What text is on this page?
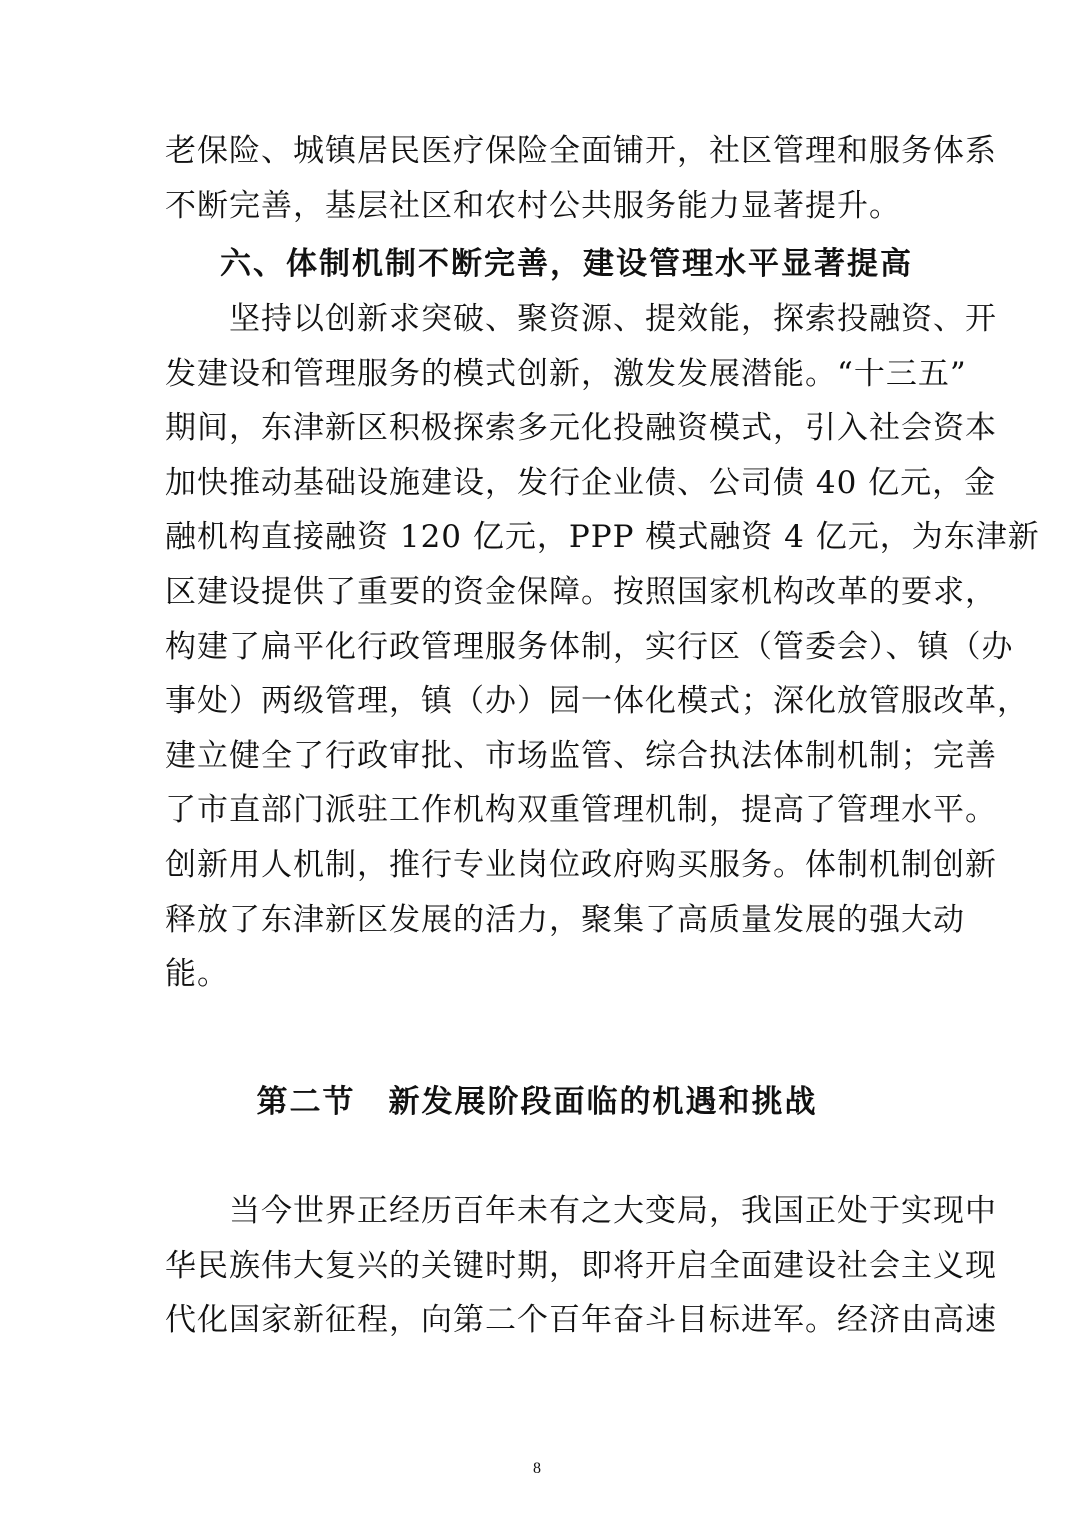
老保险、城镇居民医疗保险全面铺开，社区管理和服务体系
不断完善，基层社区和农村公共服务能力显著提升。
六、体制机制不断完善，建设管理水平显著提高
　　坚持以创新求突破、聚资源、提效能，探索投融资、开
发建设和管理服务的模式创新，激发发展潜能。“十三五”
期间，东津新区积极探索多元化投融资模式，引入社会资本
加快推动基础设施建设，发行企业债、公司债 40 亿元，金
融机构直接融资 120 亿元，PPP 模式融资 4 亿元，为东津新
区建设提供了重要的资金保障。按照国家机构改革的要求，
构建了扁平化行政管理服务体制，实行区（管委会）、镇（办
事处）两级管理，镇（办）园一体化模式；深化放管服改革，
建立健全了行政审批、市场监管、综合执法体制机制；完善
了市直部门派驻工作机构双重管理机制，提高了管理水平。
创新用人机制，推行专业岗位政府购买服务。体制机制创新
释放了东津新区发展的活力，聚集了高质量发展的强大动
能。
第二节　新发展阶段面临的机遇和挑战
　　当今世界正经历百年未有之大变局，我国正处于实现中
华民族伟大复兴的关键时期，即将开启全面建设社会主义现
代化国家新征程，向第二个百年奋斗目标进军。经济由高速
8
